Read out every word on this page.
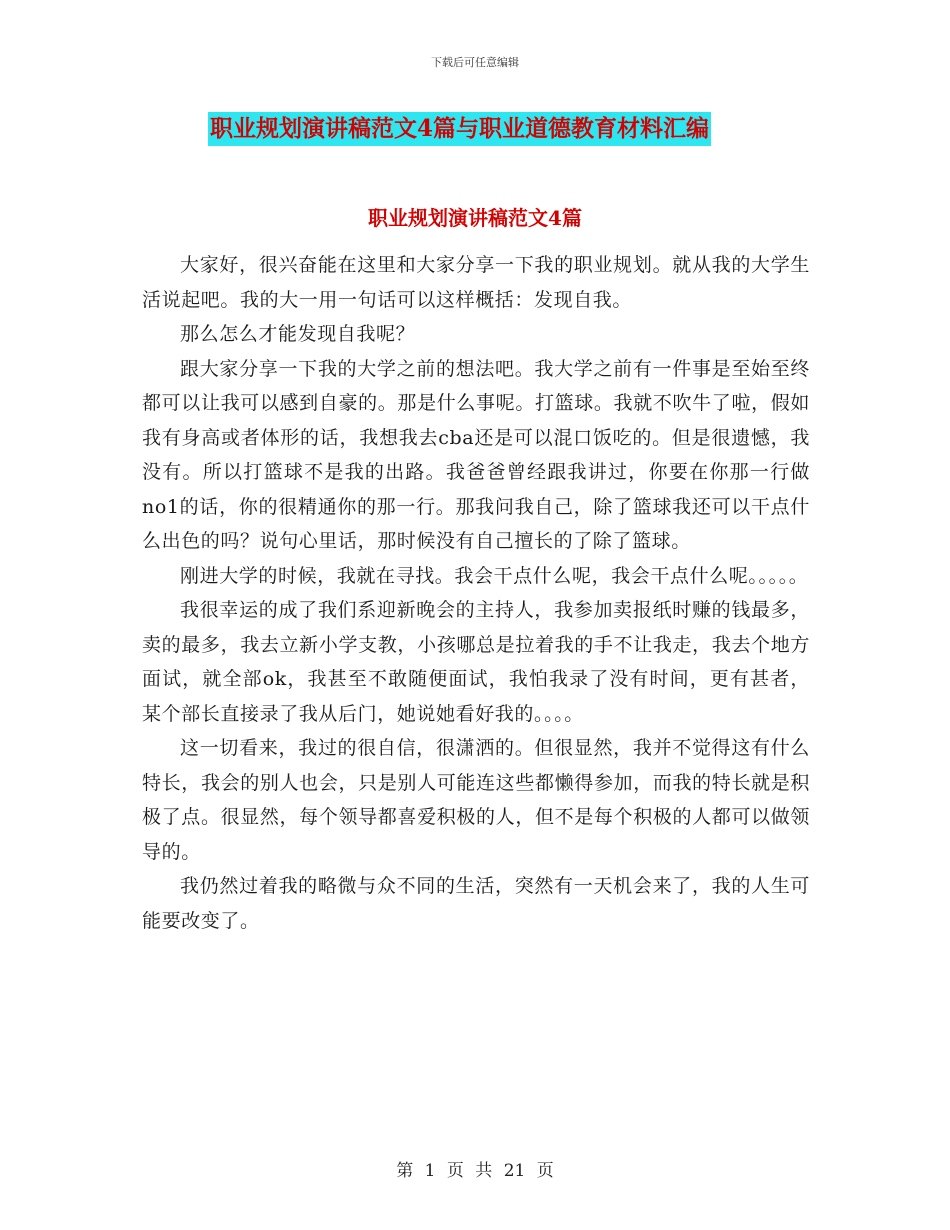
下载后可任意编辑
职业规划演讲稿范文4篇与职业道德教育材料汇编
职业规划演讲稿范文4篇

大家好，很兴奋能在这里和大家分享一下我的职业规划。就从我的大学生活说起吧。我的大一用一句话可以这样概括：发现自我。

那么怎么才能发现自我呢？

跟大家分享一下我的大学之前的想法吧。我大学之前有一件事是至始至终都可以让我可以感到自豪的。那是什么事呢。打篮球。我就不吹牛了啦，假如我有身高或者体形的话，我想我去cba还是可以混口饭吃的。但是很遗憾，我没有。所以打篮球不是我的出路。我爸爸曾经跟我讲过，你要在你那一行做no1的话，你的很精通你的那一行。那我问我自己，除了篮球我还可以干点什么出色的吗？说句心里话，那时候没有自己擅长的了除了篮球。

刚进大学的时候，我就在寻找。我会干点什么呢，我会干点什么呢。。。。。

我很幸运的成了我们系迎新晚会的主持人，我参加卖报纸时赚的钱最多，卖的最多，我去立新小学支教，小孩哪总是拉着我的手不让我走，我去个地方面试，就全部ok，我甚至不敢随便面试，我怕我录了没有时间，更有甚者，某个部长直接录了我从后门，她说她看好我的。。。。

这一切看来，我过的很自信，很潇洒的。但很显然，我并不觉得这有什么特长，我会的别人也会，只是别人可能连这些都懒得参加，而我的特长就是积极了点。很显然，每个领导都喜爱积极的人，但不是每个积极的人都可以做领导的。

我仍然过着我的略微与众不同的生活，突然有一天机会来了，我的人生可能要改变了。

第 1 页 共 21 页
